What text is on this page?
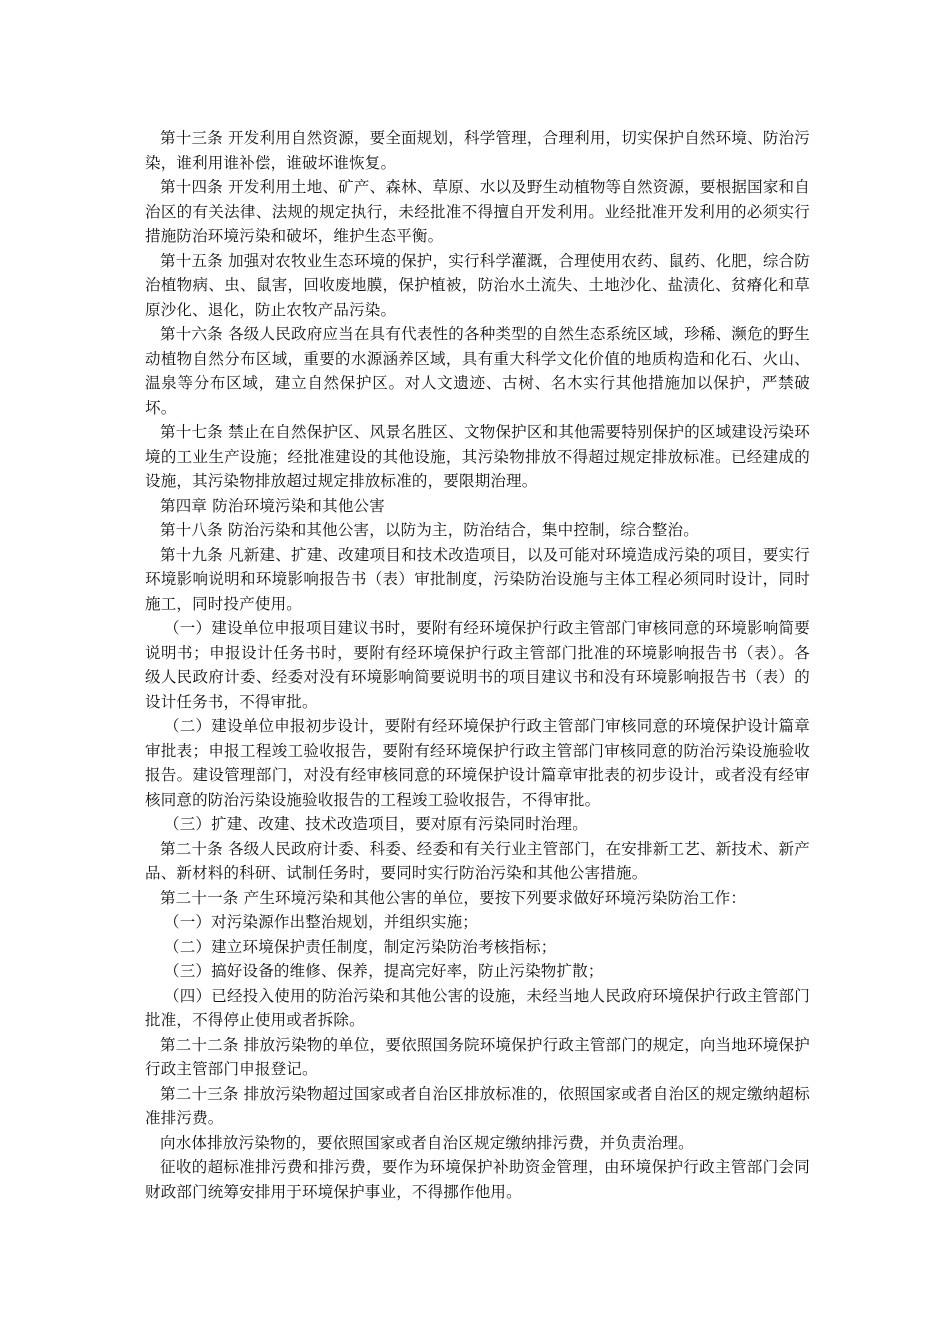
第十三条 开发利用自然资源，要全面规划，科学管理，合理利用，切实保护自然环境、防治污染，谁利用谁补偿，谁破坏谁恢复。

第十四条 开发利用土地、矿产、森林、草原、水以及野生动植物等自然资源，要根据国家和自治区的有关法律、法规的规定执行，未经批准不得擅自开发利用。业经批准开发利用的必须实行措施防治环境污染和破坏，维护生态平衡。

第十五条 加强对农牧业生态环境的保护，实行科学灌溉，合理使用农药、鼠药、化肥，综合防治植物病、虫、鼠害，回收废地膜，保护植被，防治水土流失、土地沙化、盐渍化、贫瘠化和草原沙化、退化，防止农牧产品污染。

第十六条 各级人民政府应当在具有代表性的各种类型的自然生态系统区域，珍稀、濒危的野生动植物自然分布区域，重要的水源涵养区域，具有重大科学文化价值的地质构造和化石、火山、温泉等分布区域，建立自然保护区。对人文遗迹、古树、名木实行其他措施加以保护，严禁破坏。

第十七条 禁止在自然保护区、风景名胜区、文物保护区和其他需要特别保护的区域建设污染环境的工业生产设施；经批准建设的其他设施，其污染物排放不得超过规定排放标准。已经建成的设施，其污染物排放超过规定排放标准的，要限期治理。

第四章 防治环境污染和其他公害

第十八条 防治污染和其他公害，以防为主，防治结合，集中控制，综合整治。

第十九条 凡新建、扩建、改建项目和技术改造项目，以及可能对环境造成污染的项目，要实行环境影响说明和环境影响报告书（表）审批制度，污染防治设施与主体工程必须同时设计，同时施工，同时投产使用。

（一）建设单位申报项目建议书时，要附有经环境保护行政主管部门审核同意的环境影响简要说明书；申报设计任务书时，要附有经环境保护行政主管部门批准的环境影响报告书（表）。各级人民政府计委、经委对没有环境影响简要说明书的项目建议书和没有环境影响报告书（表）的设计任务书，不得审批。

（二）建设单位申报初步设计，要附有经环境保护行政主管部门审核同意的环境保护设计篇章审批表；申报工程竣工验收报告，要附有经环境保护行政主管部门审核同意的防治污染设施验收报告。建设管理部门，对没有经审核同意的环境保护设计篇章审批表的初步设计，或者没有经审核同意的防治污染设施验收报告的工程竣工验收报告，不得审批。

（三）扩建、改建、技术改造项目，要对原有污染同时治理。

第二十条 各级人民政府计委、科委、经委和有关行业主管部门，在安排新工艺、新技术、新产品、新材料的科研、试制任务时，要同时实行防治污染和其他公害措施。

第二十一条 产生环境污染和其他公害的单位，要按下列要求做好环境污染防治工作：

（一）对污染源作出整治规划，并组织实施；

（二）建立环境保护责任制度，制定污染防治考核指标；

（三）搞好设备的维修、保养，提高完好率，防止污染物扩散；

（四）已经投入使用的防治污染和其他公害的设施，未经当地人民政府环境保护行政主管部门批准，不得停止使用或者拆除。

第二十二条 排放污染物的单位，要依照国务院环境保护行政主管部门的规定，向当地环境保护行政主管部门申报登记。

第二十三条 排放污染物超过国家或者自治区排放标准的，依照国家或者自治区的规定缴纳超标准排污费。

向水体排放污染物的，要依照国家或者自治区规定缴纳排污费，并负责治理。

征收的超标准排污费和排污费，要作为环境保护补助资金管理，由环境保护行政主管部门会同财政部门统筹安排用于环境保护事业，不得挪作他用。
